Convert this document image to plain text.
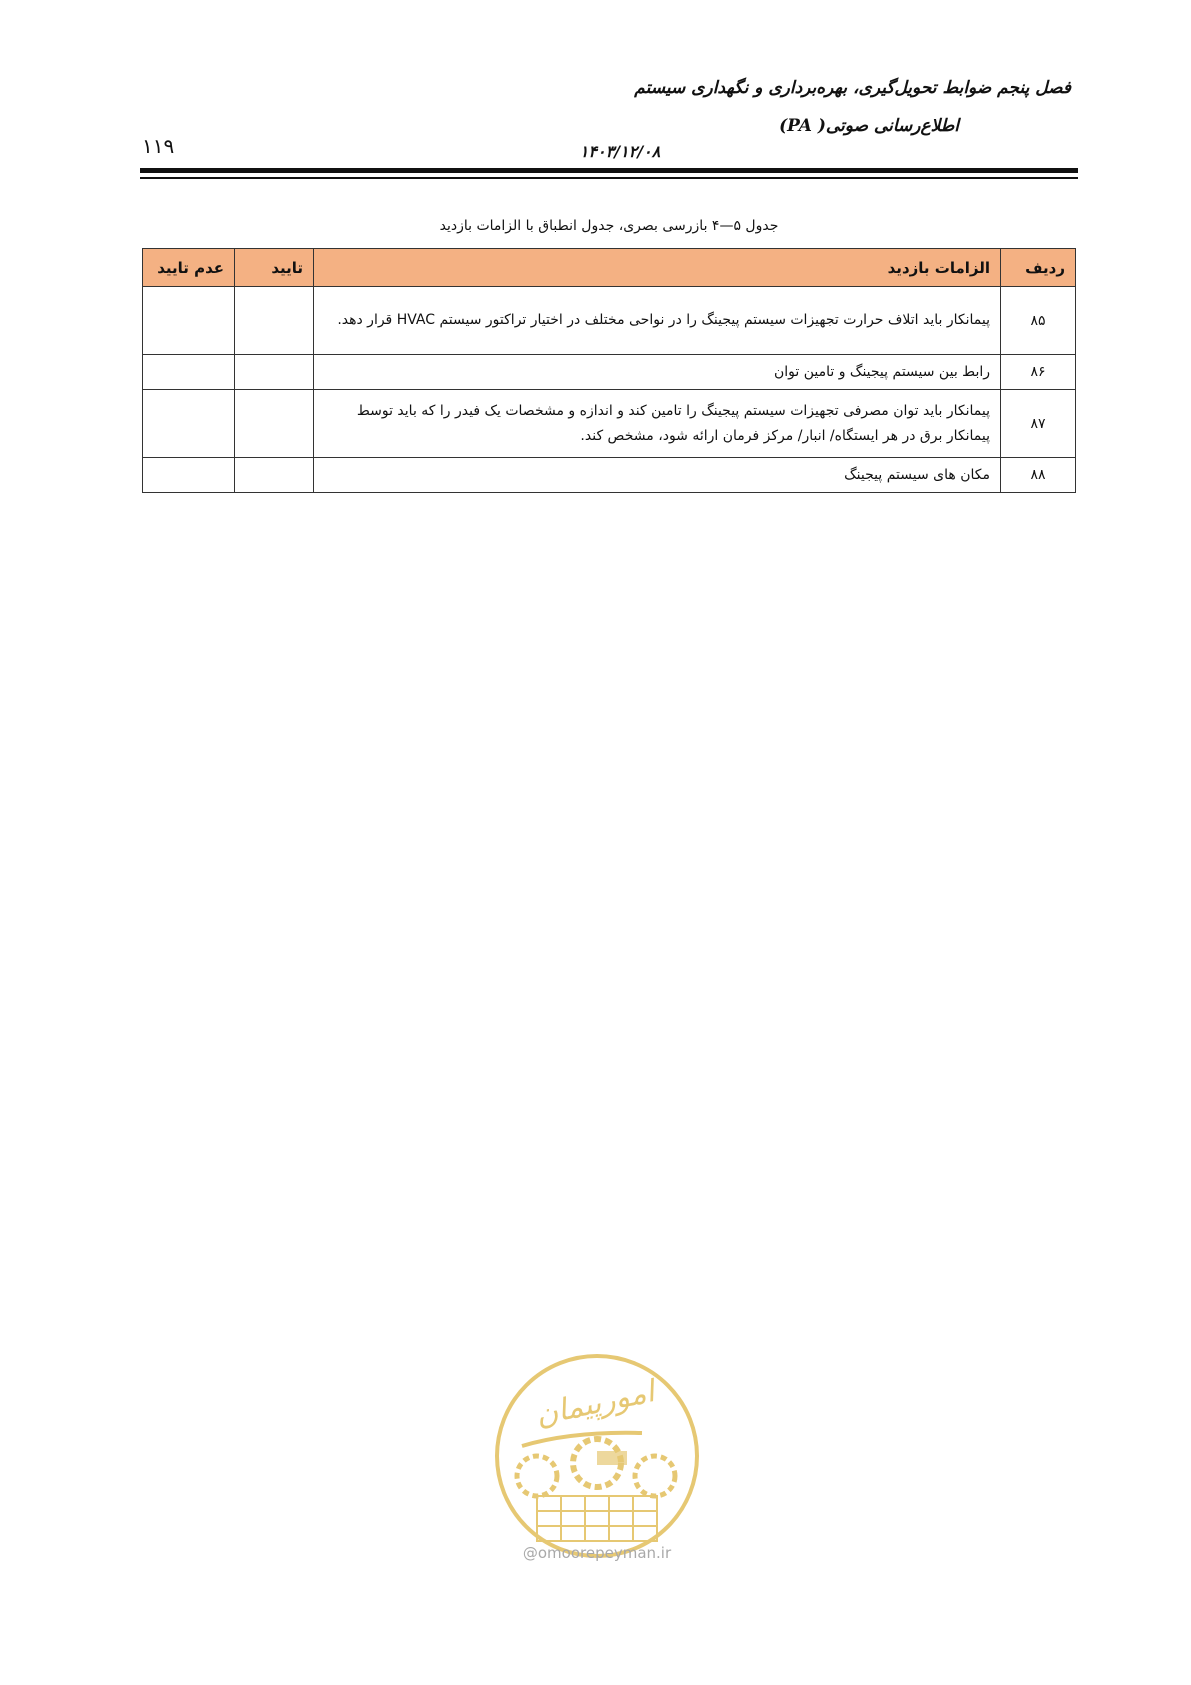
فصل پنجم ضوابط تحویل‌گیری، بهره‌برداری و نگهداری سیستم
اطلاع‌رسانی صوتی( PA)
۱۴۰۳/۱۲/۰۸
۱۱۹
جدول ۵—۴ بازرسی بصری، جدول انطباق با الزامات بازدید
ردیف	الزامات بازدید	تایید	عدم تایید
۸۵	پیمانکار باید اتلاف حرارت تجهیزات سیستم پیجینگ را در نواحی مختلف در اختیار تراکتور سیستم HVAC قرار دهد.		
۸۶	رابط بین سیستم پیجینگ و تامین توان		
۸۷	پیمانکار باید توان مصرفی تجهیزات سیستم پیجینگ را تامین کند و اندازه و مشخصات یک فیدر را که باید توسط پیمانکار برق در هر ایستگاه/ انبار/ مرکز فرمان ارائه شود، مشخص کند.		
۸۸	مکان های سیستم پیجینگ		
امورپیمان
@omoorepeyman.ir
